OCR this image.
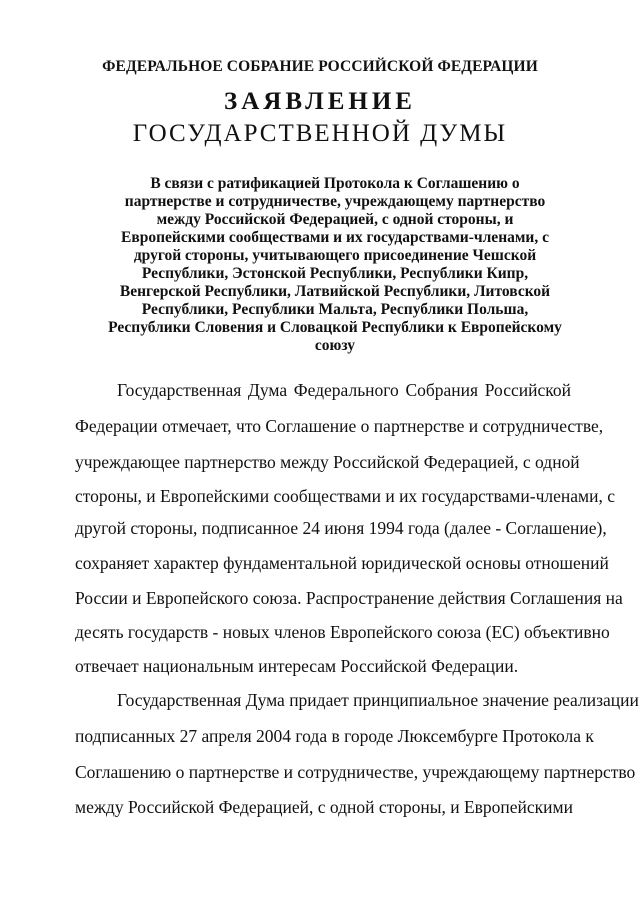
ФЕДЕРАЛЬНОЕ СОБРАНИЕ РОССИЙСКОЙ ФЕДЕРАЦИИ
ЗАЯВЛЕНИЕ
ГОСУДАРСТВЕННОЙ ДУМЫ
В связи с ратификацией Протокола к Соглашению о
партнерстве и сотрудничестве, учреждающему партнерство
между Российской Федерацией, с одной стороны, и
Европейскими сообществами и их государствами-членами, с
другой стороны, учитывающего присоединение Чешской
Республики, Эстонской Республики, Республики Кипр,
Венгерской Республики, Латвийской Республики, Литовской
Республики, Республики Мальта, Республики Польша,
Республики Словения и Словацкой Республики к Европейскому
союзу
Государственная Дума Федерального Собрания Российской
Федерации отмечает, что Соглашение о партнерстве и сотрудничестве,
учреждающее партнерство между Российской Федерацией, с одной
стороны, и Европейскими сообществами и их государствами-членами, с
другой стороны, подписанное 24 июня 1994 года (далее - Соглашение),
сохраняет характер фундаментальной юридической основы отношений
России и Европейского союза. Распространение действия Соглашения на
десять государств - новых членов Европейского союза (ЕС) объективно
отвечает национальным интересам Российской Федерации.
Государственная Дума придает принципиальное значение реализации
подписанных 27 апреля 2004 года в городе Люксембурге Протокола к
Соглашению о партнерстве и сотрудничестве, учреждающему партнерство
между Российской Федерацией, с одной стороны, и Европейскими
